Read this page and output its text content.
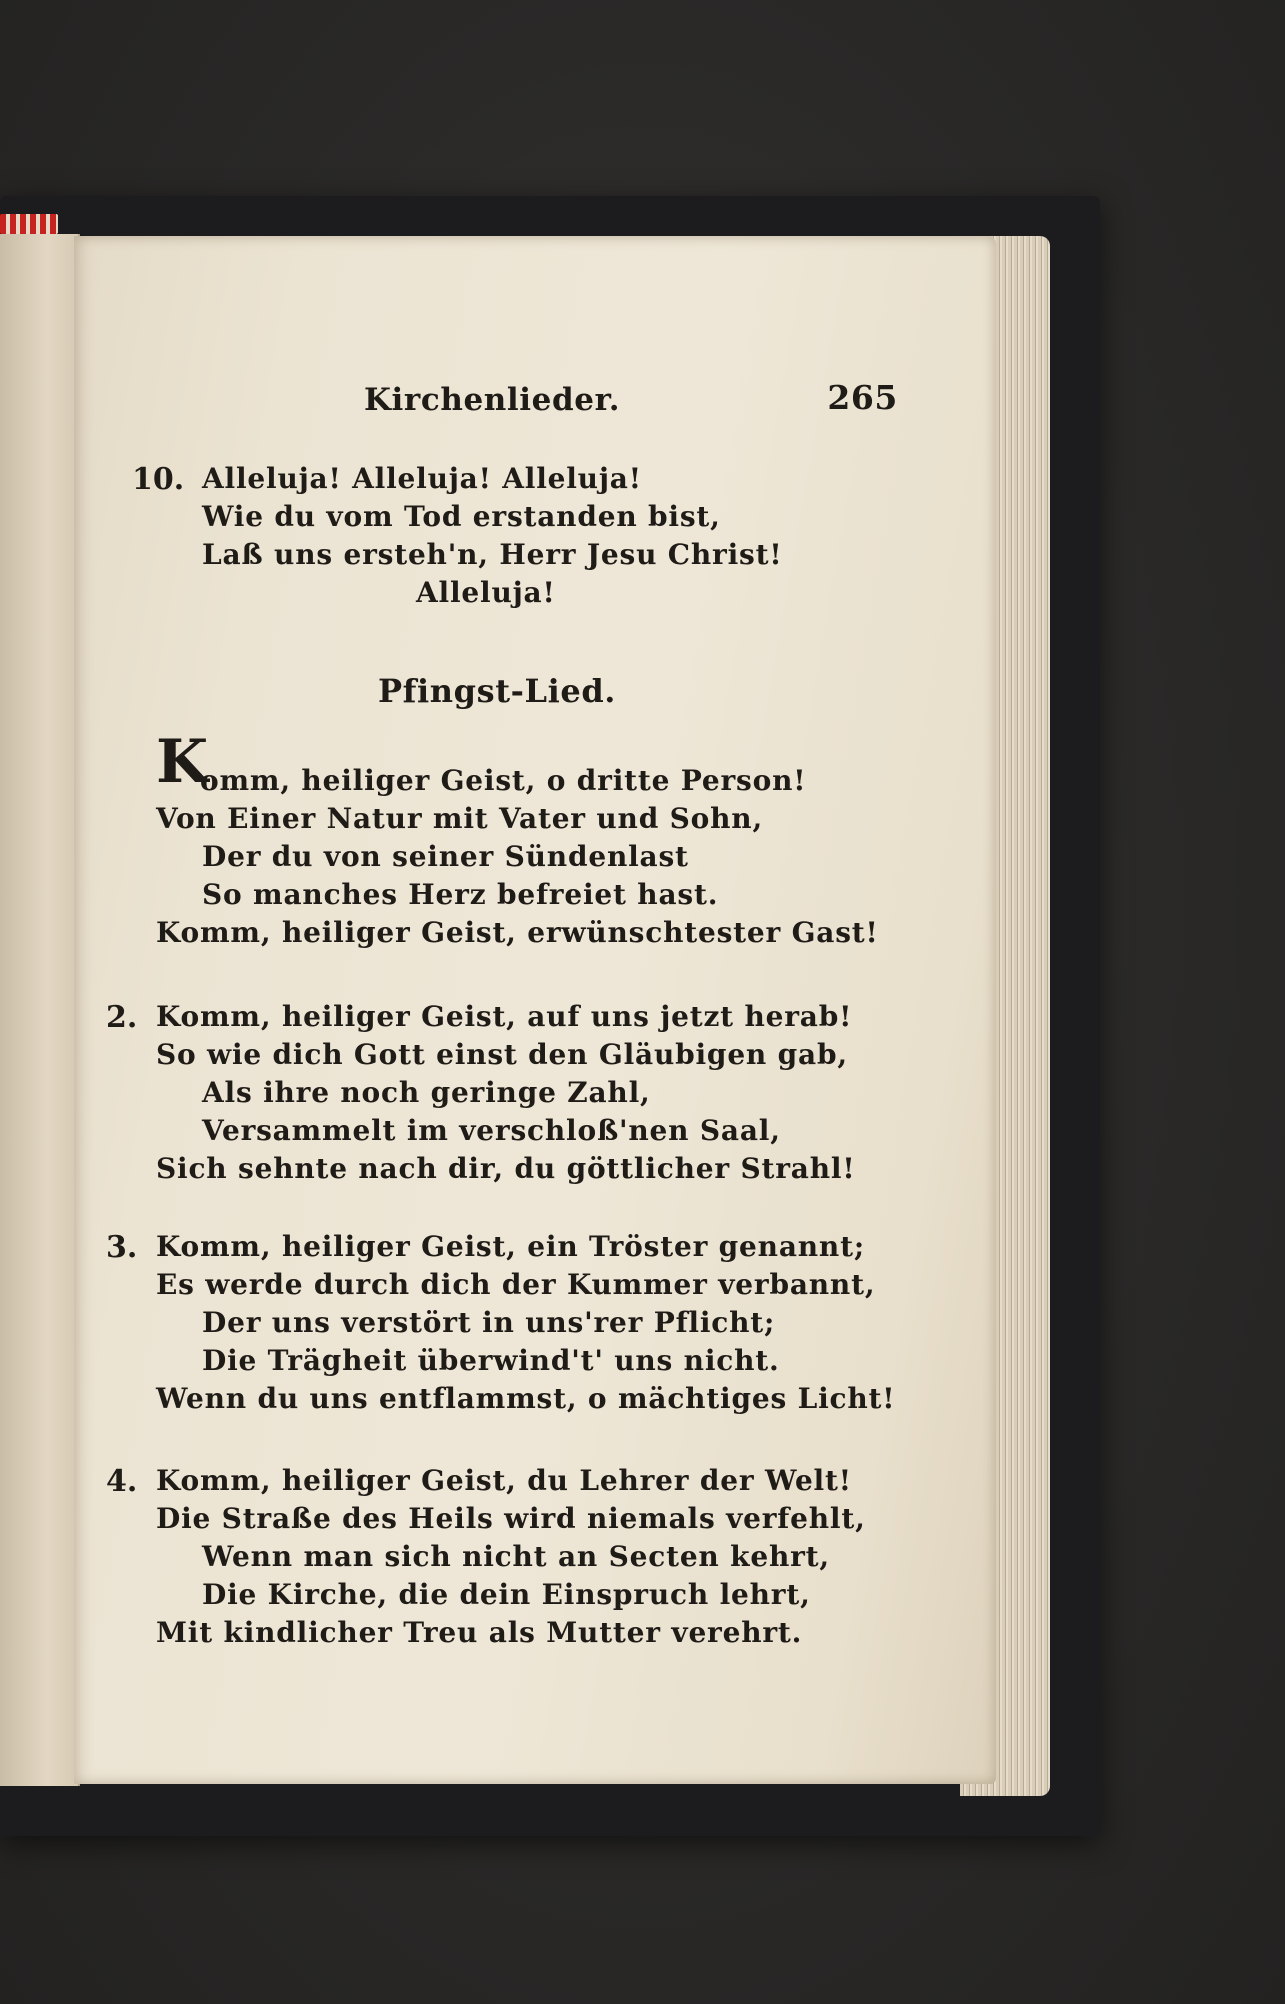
Kirchenlieder.	265
10. Alleluja! Alleluja! Alleluja!
Wie du vom Tod erstanden bist,
Laß uns ersteh'n, Herr Jesu Christ!
Alleluja!
Pfingst-Lied.
K
omm, heiliger Geist, o dritte Person!
Von Einer Natur mit Vater und Sohn,
Der du von seiner Sündenlast
So manches Herz befreiet hast.
Komm, heiliger Geist, erwünschtester Gast!
2. Komm, heiliger Geist, auf uns jetzt herab!
So wie dich Gott einst den Gläubigen gab,
Als ihre noch geringe Zahl,
Versammelt im verschloß'nen Saal,
Sich sehnte nach dir, du göttlicher Strahl!
3. Komm, heiliger Geist, ein Tröster genannt;
Es werde durch dich der Kummer verbannt,
Der uns verstört in uns'rer Pflicht;
Die Trägheit überwind't' uns nicht.
Wenn du uns entflammst, o mächtiges Licht!
4. Komm, heiliger Geist, du Lehrer der Welt!
Die Straße des Heils wird niemals verfehlt,
Wenn man sich nicht an Secten kehrt,
Die Kirche, die dein Einspruch lehrt,
Mit kindlicher Treu als Mutter verehrt.
